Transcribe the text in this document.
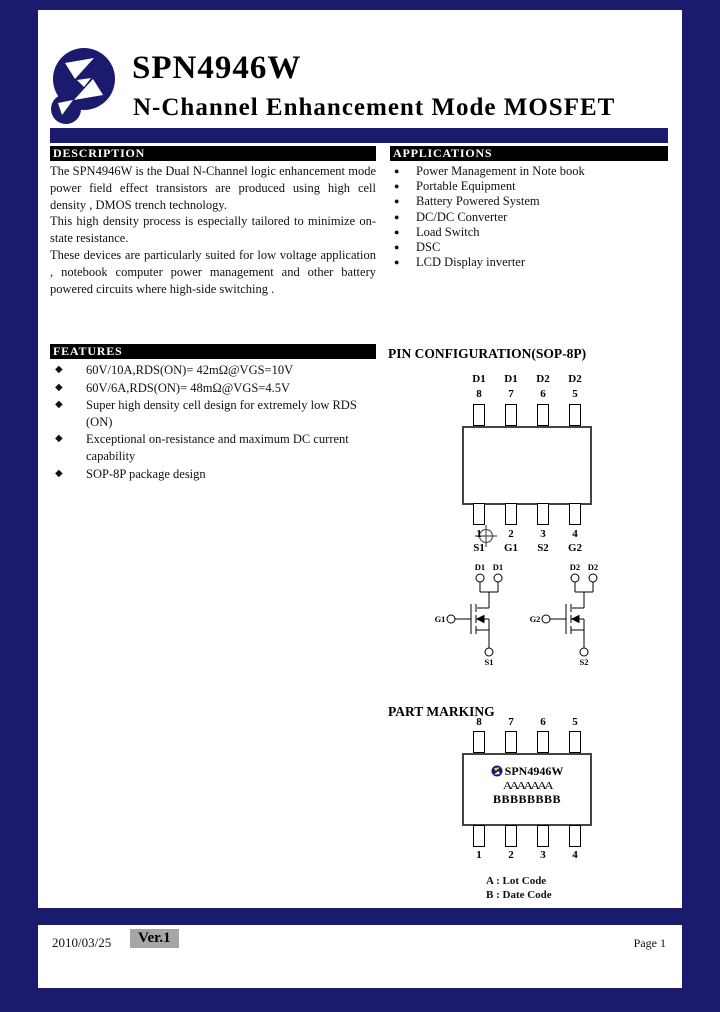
SPN4946W
N-Channel Enhancement Mode MOSFET
DESCRIPTION	APPLICATIONS

The SPN4946W is the Dual N-Channel logic enhancement mode power field effect transistors are produced using high cell density , DMOS trench technology.

This high density process is especially tailored to minimize on-state resistance.

These devices are particularly suited for low voltage application , notebook computer power management and other battery powered circuits where high-side switching .

●	Power Management in Note book
●	Portable Equipment
●	Battery Powered System
●	DC/DC Converter
●	Load Switch
●	DSC
●	LCD Display inverter
FEATURES
◆	60V/10A,RDS(ON)= 42mΩ@VGS=10V
◆	60V/6A,RDS(ON)= 48mΩ@VGS=4.5V
◆	Super high density cell design for extremely low RDS (ON)
◆	Exceptional on-resistance and maximum DC current capability
◆	SOP-8P package design
PIN CONFIGURATION(SOP-8P)
D1	D1	D2	D2
8	7	6	5
1	2	3	4
S1	G1	S2	G2
D1 D1
G1
S1
D2 D2
G2
S2
PART MARKING
8	7	6	5
SPN4946W
AAAAAAA
BBBBBBBB
1	2	3	4
A : Lot Code
B : Date Code
2010/03/25	Ver.1	Page 1
